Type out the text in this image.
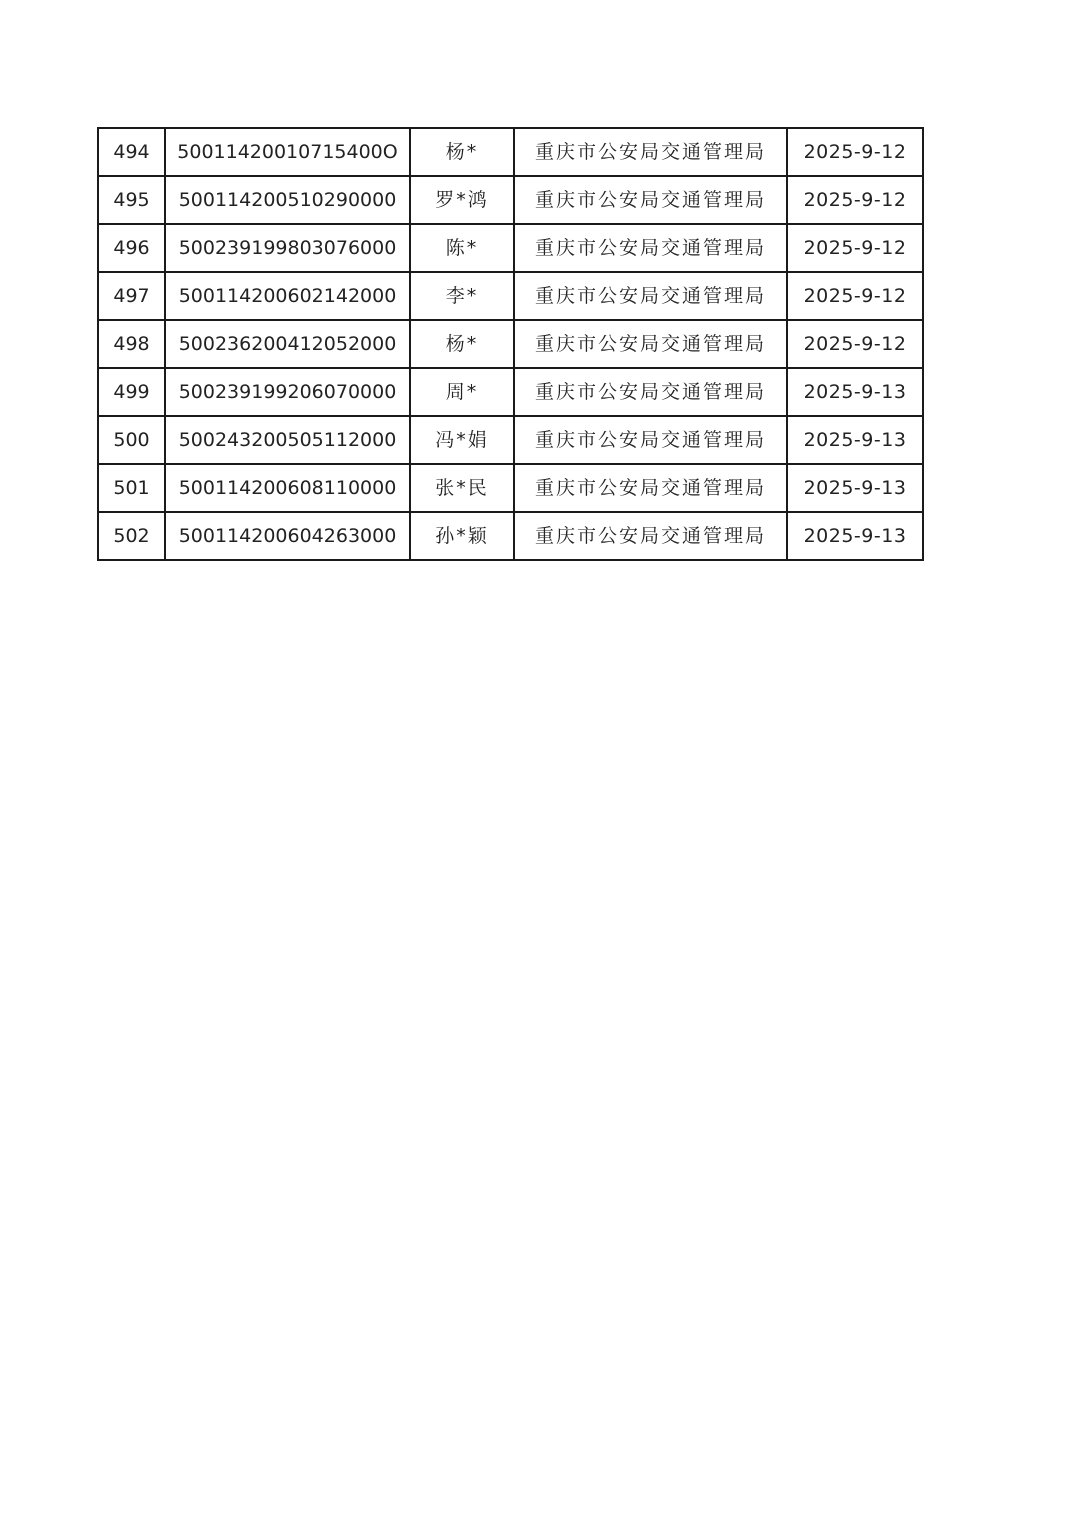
494	50011420010715400O	杨*	重庆市公安局交通管理局	2025-9-12
495	500114200510290000	罗*鸿	重庆市公安局交通管理局	2025-9-12
496	500239199803076000	陈*	重庆市公安局交通管理局	2025-9-12
497	500114200602142000	李*	重庆市公安局交通管理局	2025-9-12
498	500236200412052000	杨*	重庆市公安局交通管理局	2025-9-12
499	500239199206070000	周*	重庆市公安局交通管理局	2025-9-13
500	500243200505112000	冯*娟	重庆市公安局交通管理局	2025-9-13
501	500114200608110000	张*民	重庆市公安局交通管理局	2025-9-13
502	500114200604263000	孙*颖	重庆市公安局交通管理局	2025-9-13
